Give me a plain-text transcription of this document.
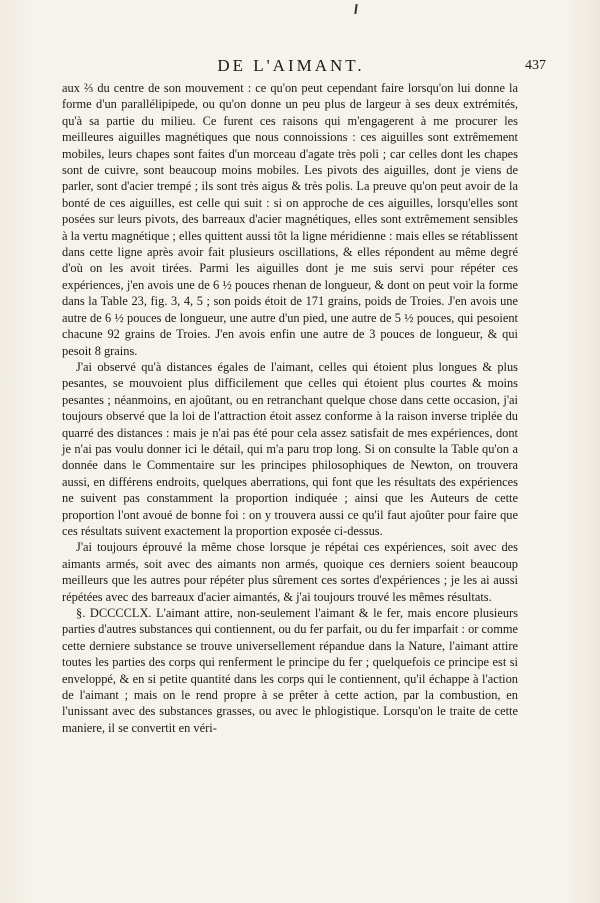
DE L'AIMANT.	437

aux ⅔ du centre de son mouvement : ce qu'on peut cependant faire lorsqu'on lui donne la forme d'un parallélipipede, ou qu'on donne un peu plus de largeur à ses deux extrémités, qu'à sa partie du milieu. Ce furent ces raisons qui m'engagerent à me procurer les meilleures aiguilles magnétiques que nous connoissions : ces aiguilles sont extrêmement mobiles, leurs chapes sont faites d'un morceau d'agate très poli ; car celles dont les chapes sont de cuivre, sont beaucoup moins mobiles. Les pivots des aiguilles, dont je viens de parler, sont d'acier trempé ; ils sont très aigus & très polis. La preuve qu'on peut avoir de la bonté de ces aiguilles, est celle qui suit : si on approche de ces aiguilles, lorsqu'elles sont posées sur leurs pivots, des barreaux d'acier magnétiques, elles sont extrêmement sensibles à la vertu magnétique ; elles quittent aussi tôt la ligne méridienne : mais elles se rétablissent dans cette ligne après avoir fait plusieurs oscillations, & elles répondent au même degré d'où on les avoit tirées. Parmi les aiguilles dont je me suis servi pour répéter ces expériences, j'en avois une de 6 ½ pouces rhenan de longueur, & dont on peut voir la forme dans la Table 23, fig. 3, 4, 5 ; son poids étoit de 171 grains, poids de Troies. J'en avois une autre de 6 ½ pouces de longueur, une autre d'un pied, une autre de 5 ½ pouces, qui pesoient chacune 92 grains de Troies. J'en avois enfin une autre de 3 pouces de longueur, & qui pesoit 8 grains.

J'ai observé qu'à distances égales de l'aimant, celles qui étoient plus longues & plus pesantes, se mouvoient plus difficilement que celles qui étoient plus courtes & moins pesantes ; néanmoins, en ajoûtant, ou en retranchant quelque chose dans cette occasion, j'ai toujours observé que la loi de l'attraction étoit assez conforme à la raison inverse triplée du quarré des distances : mais je n'ai pas été pour cela assez satisfait de mes expériences, dont je n'ai pas voulu donner ici le détail, qui m'a paru trop long. Si on consulte la Table qu'on a donnée dans le Commentaire sur les principes philosophiques de Newton, on trouvera aussi, en différens endroits, quelques aberrations, qui font que les résultats des expériences ne suivent pas constamment la proportion indiquée ; ainsi que les Auteurs de cette proportion l'ont avoué de bonne foi : on y trouvera aussi ce qu'il faut ajoûter pour faire que ces résultats suivent exactement la proportion exposée ci-dessus.

J'ai toujours éprouvé la même chose lorsque je répétai ces expériences, soit avec des aimants armés, soit avec des aimants non armés, quoique ces derniers soient beaucoup meilleurs que les autres pour répéter plus sûrement ces sortes d'expériences ; je les ai aussi répétées avec des barreaux d'acier aimantés, & j'ai toujours trouvé les mêmes résultats.

§. DCCCCLX. L'aimant attire, non-seulement l'aimant & le fer, mais encore plusieurs parties d'autres substances qui contiennent, ou du fer parfait, ou du fer imparfait : or comme cette derniere substance se trouve universellement répandue dans la Nature, l'aimant attire toutes les parties des corps qui renferment le principe du fer ; quelquefois ce principe est si enveloppé, & en si petite quantité dans les corps qui le contiennent, qu'il échappe à l'action de l'aimant ; mais on le rend propre à se prêter à cette action, par la combustion, en l'unissant avec des substances grasses, ou avec le phlogistique. Lorsqu'on le traite de cette maniere, il se convertit en véri-
